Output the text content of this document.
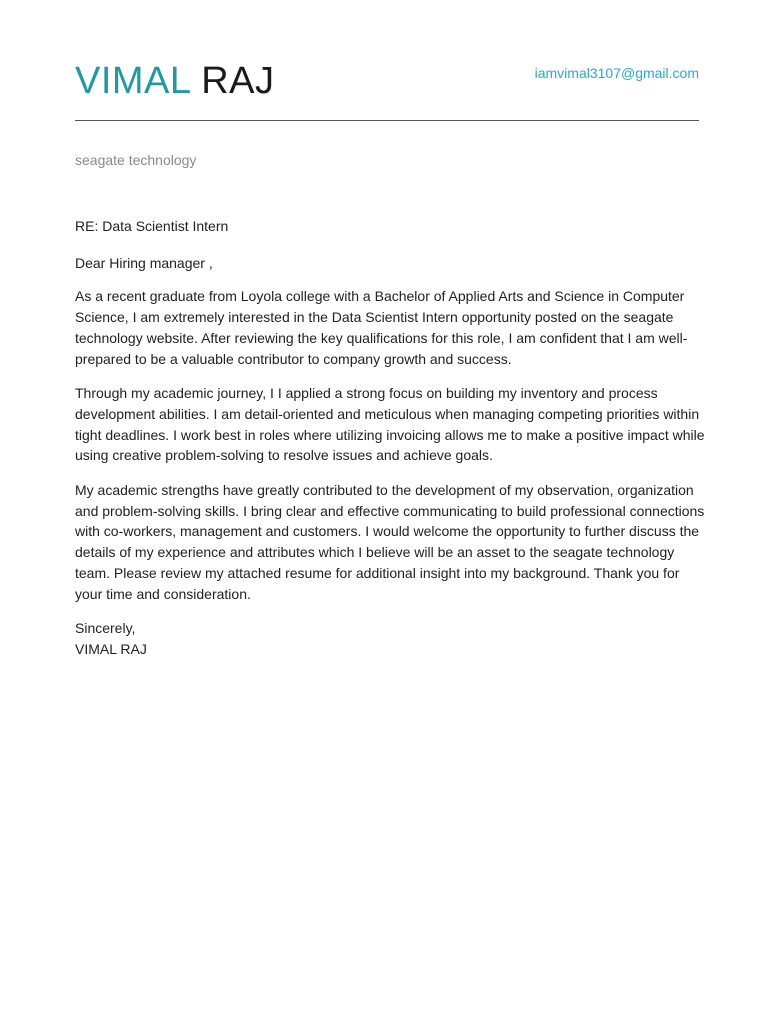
VIMAL RAJ	iamvimal3107@gmail.com
seagate technology

RE: Data Scientist Intern

Dear Hiring manager ,

As a recent graduate from Loyola college with a Bachelor of Applied Arts and Science in Computer Science, I am extremely interested in the Data Scientist Intern opportunity posted on the seagate technology website. After reviewing the key qualifications for this role, I am confident that I am well-prepared to be a valuable contributor to company growth and success.

Through my academic journey, I I applied a strong focus on building my inventory and process development abilities. I am detail-oriented and meticulous when managing competing priorities within tight deadlines. I work best in roles where utilizing invoicing allows me to make a positive impact while using creative problem-solving to resolve issues and achieve goals.

My academic strengths have greatly contributed to the development of my observation, organization and problem-solving skills. I bring clear and effective communicating to build professional connections with co-workers, management and customers. I would welcome the opportunity to further discuss the details of my experience and attributes which I believe will be an asset to the seagate technology team. Please review my attached resume for additional insight into my background. Thank you for your time and consideration.

Sincerely,

VIMAL RAJ
